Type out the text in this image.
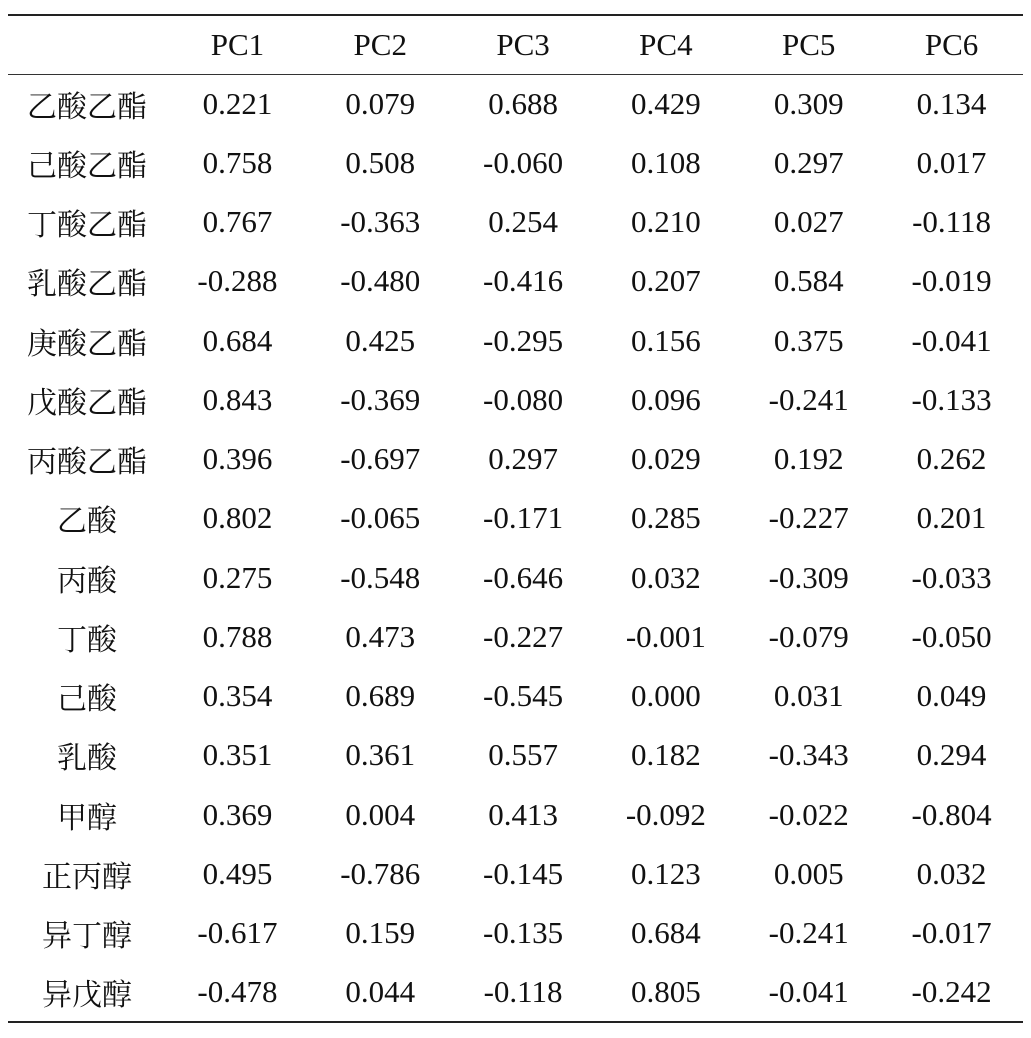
	PC1	PC2	PC3	PC4	PC5	PC6
乙酸乙酯	0.221	0.079	0.688	0.429	0.309	0.134
己酸乙酯	0.758	0.508	-0.060	0.108	0.297	0.017
丁酸乙酯	0.767	-0.363	0.254	0.210	0.027	-0.118
乳酸乙酯	-0.288	-0.480	-0.416	0.207	0.584	-0.019
庚酸乙酯	0.684	0.425	-0.295	0.156	0.375	-0.041
戊酸乙酯	0.843	-0.369	-0.080	0.096	-0.241	-0.133
丙酸乙酯	0.396	-0.697	0.297	0.029	0.192	0.262
乙酸	0.802	-0.065	-0.171	0.285	-0.227	0.201
丙酸	0.275	-0.548	-0.646	0.032	-0.309	-0.033
丁酸	0.788	0.473	-0.227	-0.001	-0.079	-0.050
己酸	0.354	0.689	-0.545	0.000	0.031	0.049
乳酸	0.351	0.361	0.557	0.182	-0.343	0.294
甲醇	0.369	0.004	0.413	-0.092	-0.022	-0.804
正丙醇	0.495	-0.786	-0.145	0.123	0.005	0.032
异丁醇	-0.617	0.159	-0.135	0.684	-0.241	-0.017
异戊醇	-0.478	0.044	-0.118	0.805	-0.041	-0.242
